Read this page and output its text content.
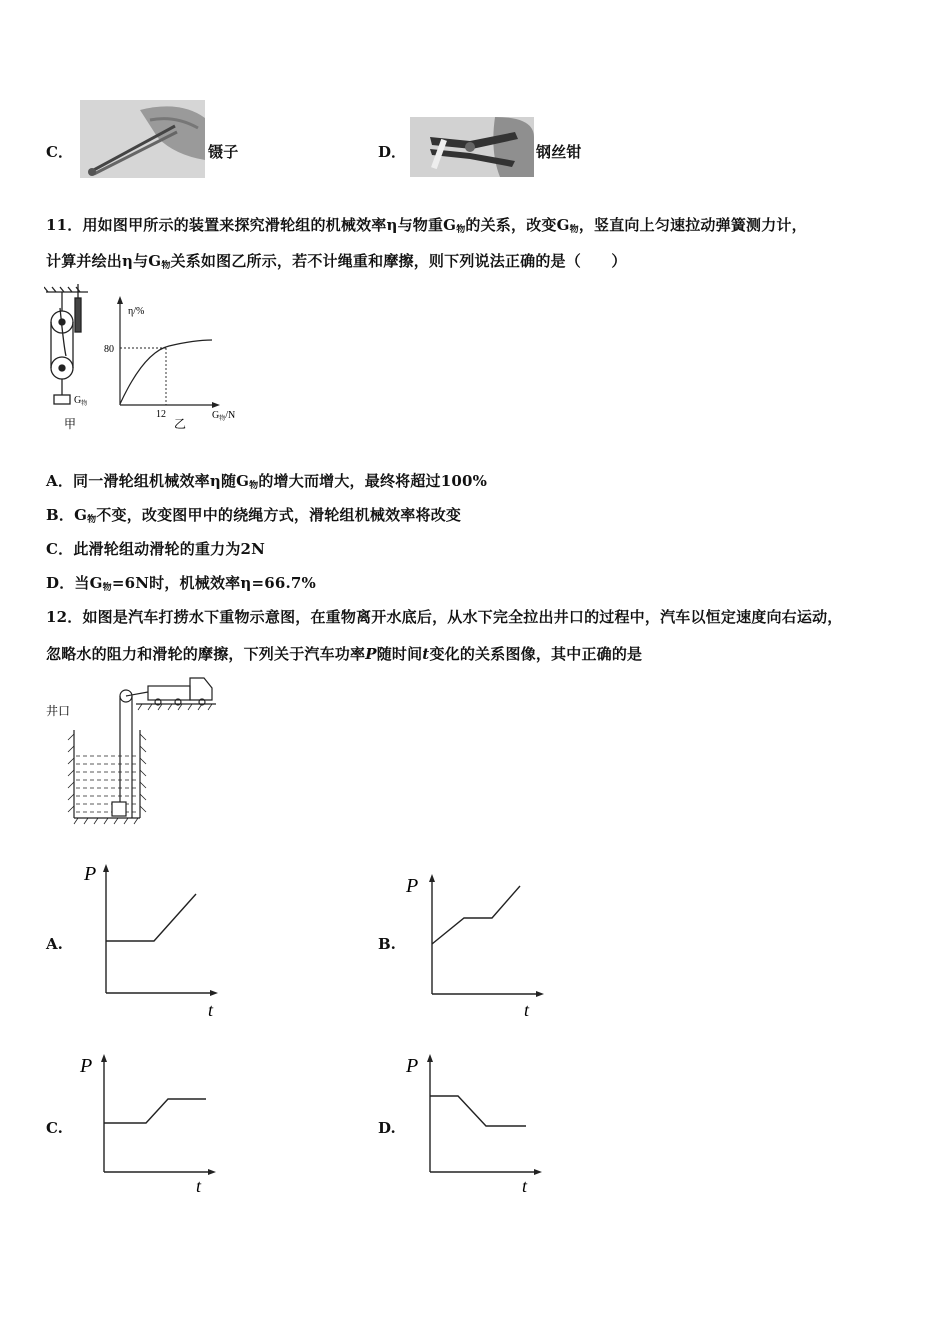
C．	镊子	D．	钢丝钳
11．用如图甲所示的装置来探究滑轮组的机械效率η与物重$G_物$的关系，改变$G_物$，竖直向上匀速拉动弹簧测力计，
计算并绘出η与$G_物$关系如图乙所示，若不计绳重和摩擦，则下列说法正确的是（　　）
$G_物$
甲
η/%
80
12
乙
$G_物/N$
A．同一滑轮组机械效率η随$G_物$的增大而增大，最终将超过100%
B．$G_物$不变，改变图甲中的绕绳方式，滑轮组机械效率将改变
C．此滑轮组动滑轮的重力为2N
D．当$G_物=6N$时，机械效率η=66.7%
12．如图是汽车打捞水下重物示意图，在重物离开水底后，从水下完全拉出井口的过程中，汽车以恒定速度向右运动，
忽略水的阻力和滑轮的摩擦，下列关于汽车功率P随时间t变化的关系图像，其中正确的是
井口
A.
P
t
B.
P
t
C.
P
t
D.
P
t
